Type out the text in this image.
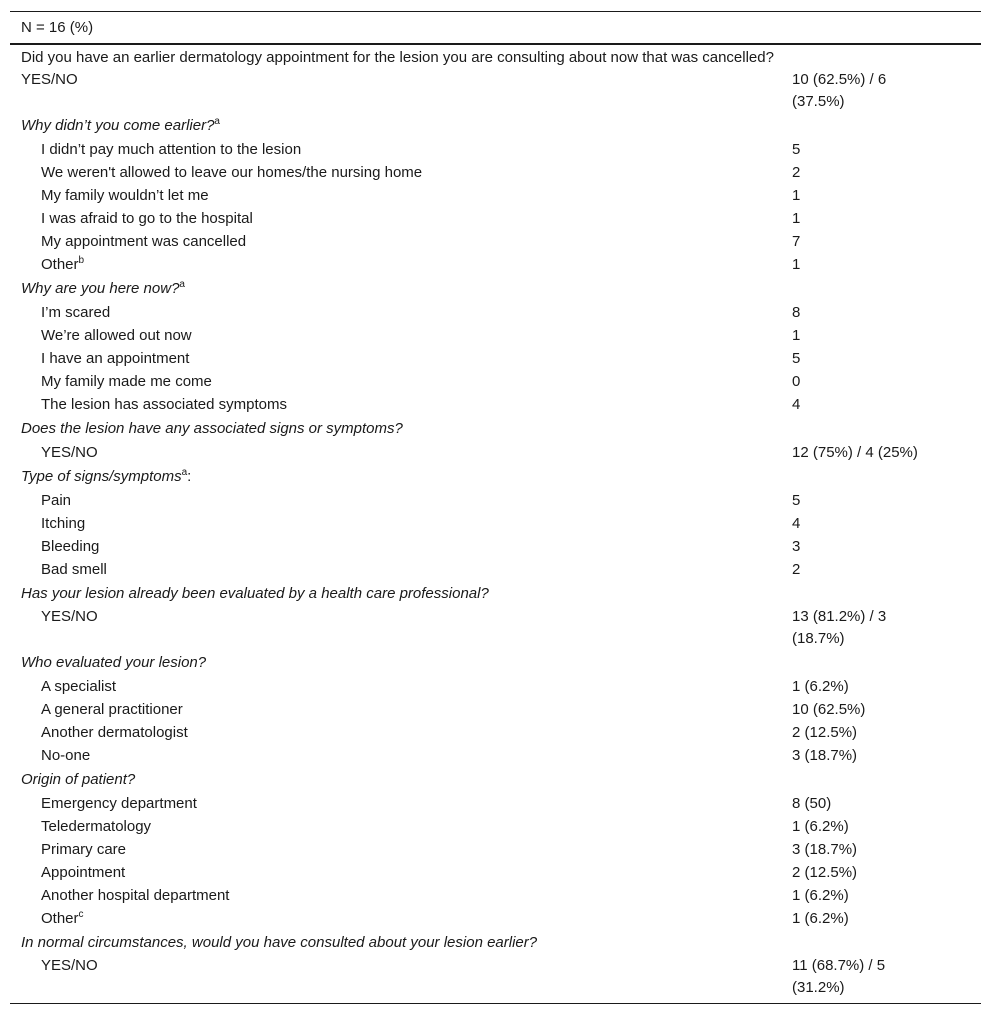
N = 16 (%)
Did you have an earlier dermatology appointment for the lesion you are consulting about now that was cancelled?
YES/NO	10 (62.5%) / 6 (37.5%)
Why didn’t you come earlier?$^a$
I didn’t pay much attention to the lesion	5
We weren't allowed to leave our homes/the nursing home	2
My family wouldn’t let me	1
I was afraid to go to the hospital	1
My appointment was cancelled	7
Other$^b$	1
Why are you here now?$^a$
I’m scared	8
We’re allowed out now	1
I have an appointment	5
My family made me come	0
The lesion has associated symptoms	4
Does the lesion have any associated signs or symptoms?
YES/NO	12 (75%) / 4 (25%)
Type of signs/symptoms$^a$:
Pain	5
Itching	4
Bleeding	3
Bad smell	2
Has your lesion already been evaluated by a health care professional?
YES/NO	13 (81.2%) / 3 (18.7%)
Who evaluated your lesion?
A specialist	1 (6.2%)
A general practitioner	10 (62.5%)
Another dermatologist	2 (12.5%)
No-one	3 (18.7%)
Origin of patient?
Emergency department	8 (50)
Teledermatology	1 (6.2%)
Primary care	3 (18.7%)
Appointment	2 (12.5%)
Another hospital department	1 (6.2%)
Other$^c$	1 (6.2%)
In normal circumstances, would you have consulted about your lesion earlier?
YES/NO	11 (68.7%) / 5 (31.2%)
